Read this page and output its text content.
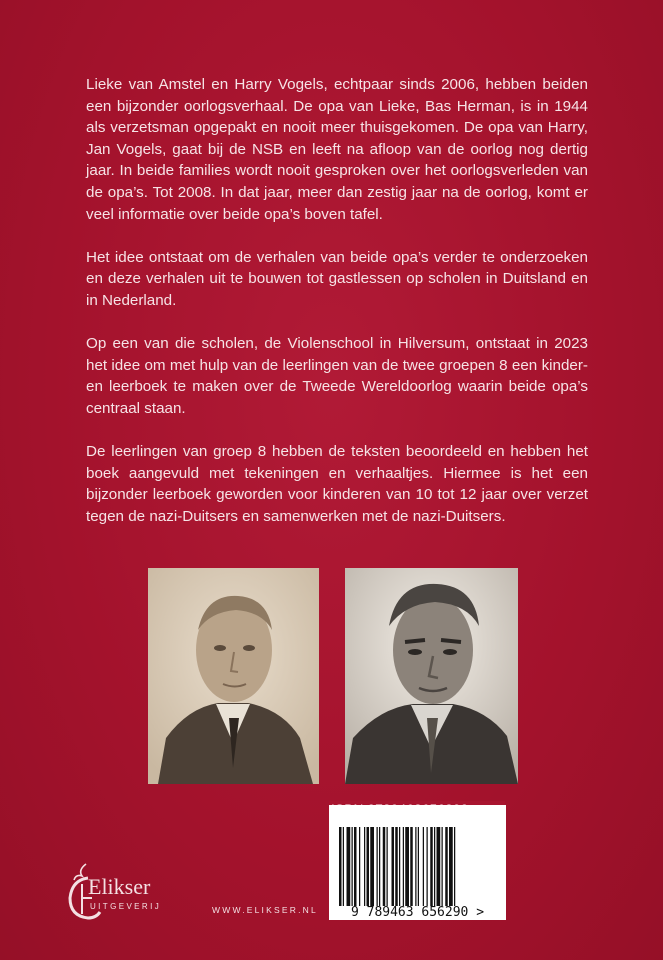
Lieke van Amstel en Harry Vogels, echtpaar sinds 2006, hebben beiden een bijzonder oorlogsverhaal. De opa van Lieke, Bas Herman, is in 1944 als verzetsman opgepakt en nooit meer thuisgekomen. De opa van Harry, Jan Vogels, gaat bij de NSB en leeft na afloop van de oorlog nog dertig jaar. In beide families wordt nooit gesproken over het oorlogsverleden van de opa’s. Tot 2008. In dat jaar, meer dan zestig jaar na de oorlog, komt er veel informatie over beide opa’s boven tafel.

Het idee ontstaat om de verhalen van beide opa’s verder te onderzoeken en deze verhalen uit te bouwen tot gastlessen op scholen in Duitsland en in Nederland.

Op een van die scholen, de Violenschool in Hilversum, ontstaat in 2023 het idee om met hulp van de leerlingen van de twee groepen 8 een kinder- en leerboek te maken over de Tweede Wereldoorlog waarin beide opa’s centraal staan.

De leerlingen van groep 8 hebben de teksten beoordeeld en hebben het boek aangevuld met tekeningen en verhaaltjes. Hiermee is het een bijzonder leerboek geworden voor kinderen van 10 tot 12 jaar over verzet tegen de nazi-Duitsers en samenwerken met de nazi-Duitsers.

ISBN 9789463656290
9 789463 656290 >
Elikser
UITGEVERIJ	WWW.ELIKSER.NL
